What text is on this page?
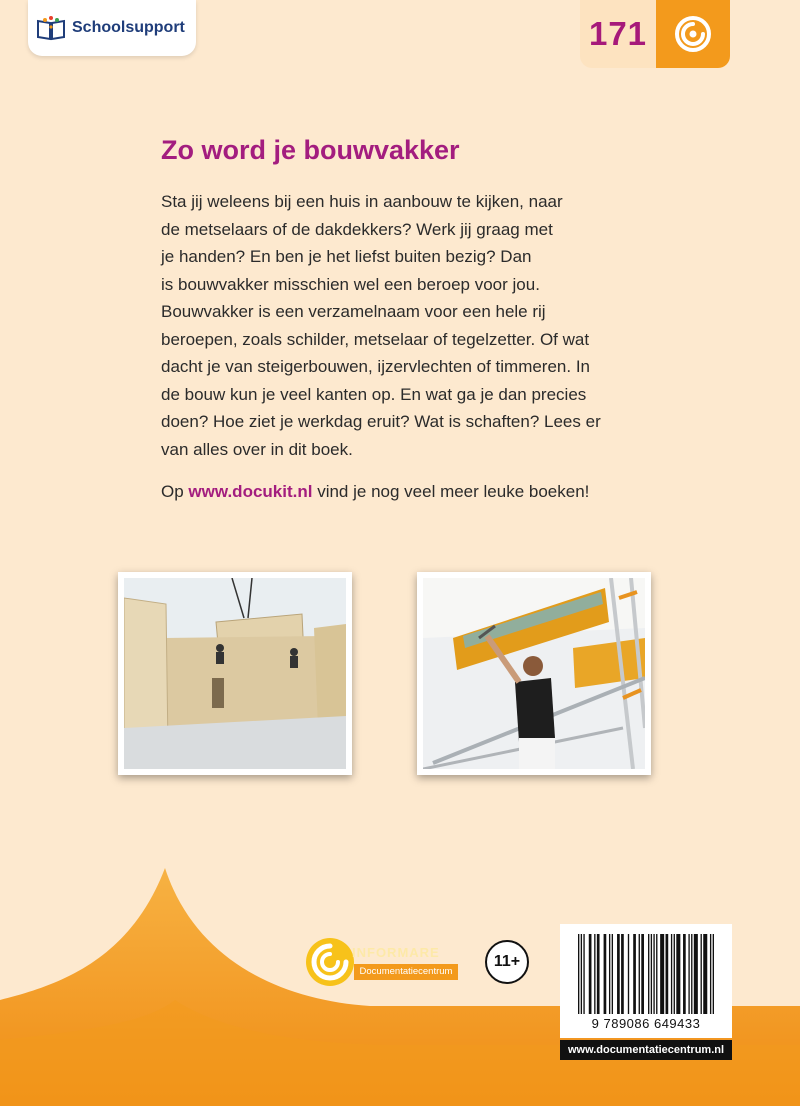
Schoolsupport	171
Zo word je bouwvakker
Sta jij weleens bij een huis in aanbouw te kijken, naar
de metselaars of de dakdekkers? Werk jij graag met
je handen? En ben je het liefst buiten bezig? Dan
is bouwvakker misschien wel een beroep voor jou.
Bouwvakker is een verzamelnaam voor een hele rij
beroepen, zoals schilder, metselaar of tegelzetter. Of wat
dacht je van steigerbouwen, ijzervlechten of timmeren. In
de bouw kun je veel kanten op. En wat ga je dan precies
doen? Hoe ziet je werkdag eruit? Wat is schaften? Lees er
van alles over in dit boek.
Op www.docukit.nl vind je nog veel meer leuke boeken!

INFORMARE

Documentatiecentrum
11+
9 789086 649433
www.documentatiecentrum.nl
